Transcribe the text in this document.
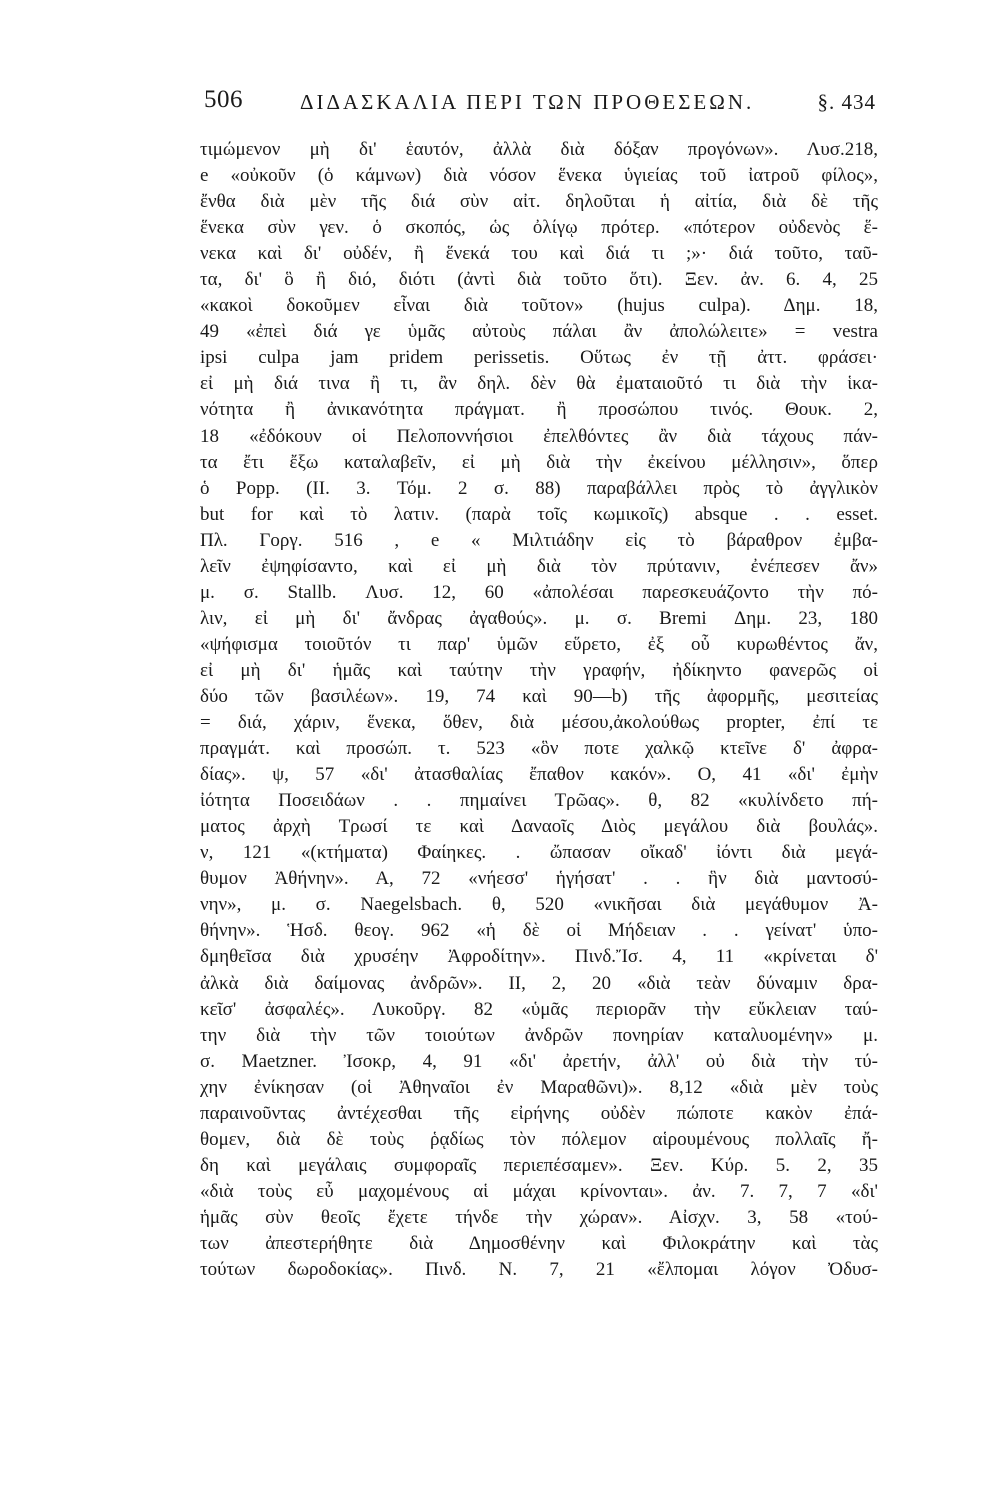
506	ΔΙΔΑΣΚΑΛΙΑ ΠΕΡΙ ΤΩΝ ΠΡΟΘΕΣΕΩΝ.	§. 434
τιμώμενον μὴ δι' ἑαυτόν, ἀλλὰ διὰ δόξαν προγόνων». Λυσ.218,
e «οὐκοῦν (ὁ κάμνων) διὰ νόσον ἕνεκα ὑγιείας τοῦ ἰατροῦ φίλος»,
ἔνθα διὰ μὲν τῆς διά σὺν αἰτ. δηλοῦται ἡ αἰτία, διὰ δὲ τῆς
ἕνεκα σὺν γεν. ὁ σκοπός, ὡς ὀλίγῳ πρότερ. «πότερον οὐδενὸς ἕ-
νεκα καὶ δι' οὐδέν, ἢ ἕνεκά του καὶ διά τι ;»· διά τοῦτο, ταῦ-
τα, δι' ὃ ἢ διό, διότι (ἀντὶ διὰ τοῦτο ὅτι). Ξεν. ἀν. 6. 4, 25
«κακοὶ δοκοῦμεν εἶναι διὰ τοῦτον» (hujus culpa). Δημ. 18,
49 «ἐπεὶ διά γε ὑμᾶς αὐτοὺς πάλαι ἂν ἀπολώλειτε» = vestra
ipsi culpa jam pridem perissetis. Οὕτως ἐν τῇ ἀττ. φράσει·
εἰ μὴ διά τινα ἢ τι, ἂν δηλ. δὲν θὰ ἐματαιοῦτό τι διὰ τὴν ἱκα-
νότητα ἢ ἀνικανότητα πράγματ. ἢ προσώπου τινός. Θουκ. 2,
18 «ἐδόκουν οἱ Πελοποννήσιοι ἐπελθόντες ἂν διὰ τάχους πάν-
τα ἔτι ἔξω καταλαβεῖν, εἰ μὴ διὰ τὴν ἐκείνου μέλλησιν», ὅπερ
ὁ Popp. (II. 3. Τόμ. 2 σ. 88) παραβάλλει πρὸς τὸ ἀγγλικὸν
but for καὶ τὸ λατιν. (παρὰ τοῖς κωμικοῖς) absque . . esset.
Πλ. Γοργ. 516 , e « Μιλτιάδην εἰς τὸ βάραθρον ἐμβα-
λεῖν ἐψηφίσαντο, καὶ εἰ μὴ διὰ τὸν πρύτανιν, ἐνέπεσεν ἄν»
μ. σ. Stallb. Λυσ. 12, 60 «ἀπολέσαι παρεσκευάζοντο τὴν πό-
λιν, εἰ μὴ δι' ἄνδρας ἀγαθούς». μ. σ. Bremi Δημ. 23, 180
«ψήφισμα τοιοῦτόν τι παρ' ὑμῶν εὕρετο, ἐξ οὗ κυρωθέντος ἄν,
εἰ μὴ δι' ἡμᾶς καὶ ταύτην τὴν γραφήν, ἠδίκηντο φανερῶς οἱ
δύο τῶν βασιλέων». 19, 74 καὶ 90—b) τῆς ἀφορμῆς, μεσιτείας
= διά, χάριν, ἕνεκα, ὅθεν, διὰ μέσου,ἀκολούθως propter, ἐπί τε
πραγμάτ. καὶ προσώπ. τ. 523 «ὃν ποτε χαλκῷ κτεῖνε δ' ἀφρα-
δίας». ψ, 57 «δι' ἀτασθαλίας ἔπαθον κακόν». Ο, 41 «δι' ἐμὴν
ἰότητα Ποσειδάων . . πημαίνει Τρῶας». θ, 82 «κυλίνδετο πή-
ματος ἀρχὴ Τρωσί τε καὶ Δαναοῖς Διὸς μεγάλου διὰ βουλάς».
ν, 121 «(κτήματα) Φαίηκες. . ὤπασαν οἴκαδ' ἰόντι διὰ μεγά-
θυμον Ἀθήνην». Α, 72 «νήεσσ' ἡγήσατ' . . ἣν διὰ μαντοσύ-
νην», μ. σ. Naegelsbach. θ, 520 «νικῆσαι διὰ μεγάθυμον Ἀ-
θήνην». Ἡσδ. θεογ. 962 «ἡ δὲ οἱ Μήδειαν . . γείνατ' ὑπο-
δμηθεῖσα διὰ χρυσέην Ἀφροδίτην». Πινδ.Ἴσ. 4, 11 «κρίνεται δ'
ἀλκὰ διὰ δαίμονας ἀνδρῶν». II, 2, 20 «διὰ τεὰν δύναμιν δρα-
κεῖσ' ἀσφαλές». Λυκοῦργ. 82 «ὑμᾶς περιορᾶν τὴν εὔκλειαν ταύ-
την διὰ τὴν τῶν τοιούτων ἀνδρῶν πονηρίαν καταλυομένην» μ.
σ. Maetzner. Ἰσοκρ, 4, 91 «δι' ἀρετήν, ἀλλ' οὐ διὰ τὴν τύ-
χην ἐνίκησαν (οἱ Ἀθηναῖοι ἐν Μαραθῶνι)». 8,12 «διὰ μὲν τοὺς
παραινοῦντας ἀντέχεσθαι τῆς εἰρήνης οὐδὲν πώποτε κακὸν ἐπά-
θομεν, διὰ δὲ τοὺς ῥᾳδίως τὸν πόλεμον αἱρουμένους πολλαῖς ἤ-
δη καὶ μεγάλαις συμφοραῖς περιεπέσαμεν». Ξεν. Κύρ. 5. 2, 35
«διὰ τοὺς εὖ μαχομένους αἱ μάχαι κρίνονται». ἀν. 7. 7, 7 «δι'
ἡμᾶς σὺν θεοῖς ἔχετε τήνδε τὴν χώραν». Αἰσχν. 3, 58 «τού-
των ἀπεστερήθητε διὰ Δημοσθένην καὶ Φιλοκράτην καὶ τὰς
τούτων δωροδοκίας». Πινδ. Ν. 7, 21 «ἔλπομαι λόγον Ὀδυσ-
